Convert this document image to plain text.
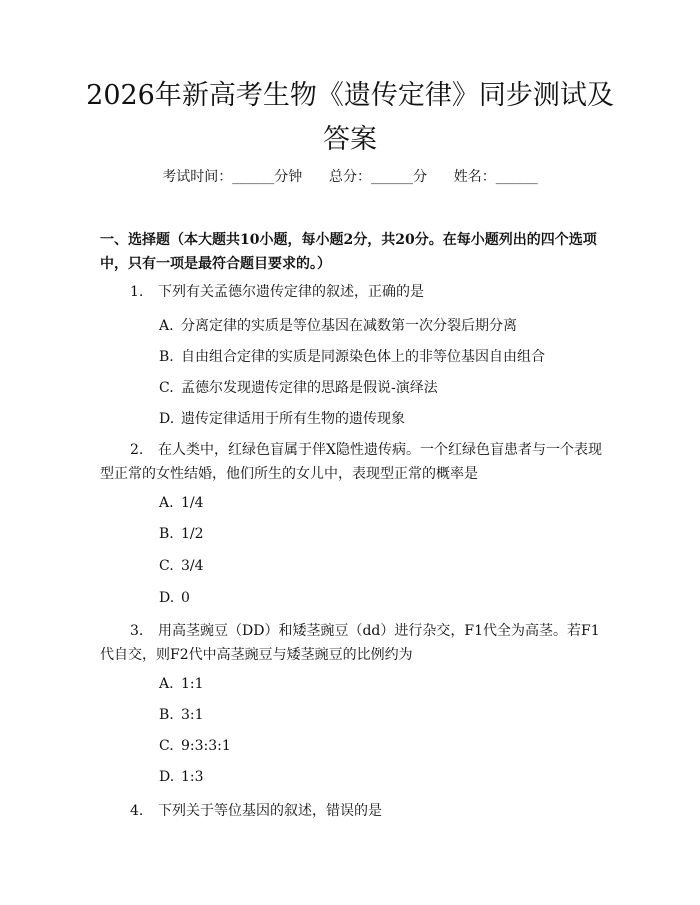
2026年新高考生物《遗传定律》同步测试及答案
考试时间：______分钟      总分：______分      姓名：______

一、选择题（本大题共10小题，每小题2分，共20分。在每小题列出的四个选项中，只有一项是最符合题目要求的。）

1. 下列有关孟德尔遗传定律的叙述，正确的是

A. 分离定律的实质是等位基因在减数第一次分裂后期分离
B. 自由组合定律的实质是同源染色体上的非等位基因自由组合
C. 孟德尔发现遗传定律的思路是假说-演绎法
D. 遗传定律适用于所有生物的遗传现象

2. 在人类中，红绿色盲属于伴X隐性遗传病。一个红绿色盲患者与一个表现型正常的女性结婚，他们所生的女儿中，表现型正常的概率是

A. 1/4
B. 1/2
C. 3/4
D. 0

3. 用高茎豌豆（DD）和矮茎豌豆（dd）进行杂交，F1代全为高茎。若F1代自交，则F2代中高茎豌豆与矮茎豌豆的比例约为

A. 1:1
B. 3:1
C. 9:3:3:1
D. 1:3

4. 下列关于等位基因的叙述，错误的是
